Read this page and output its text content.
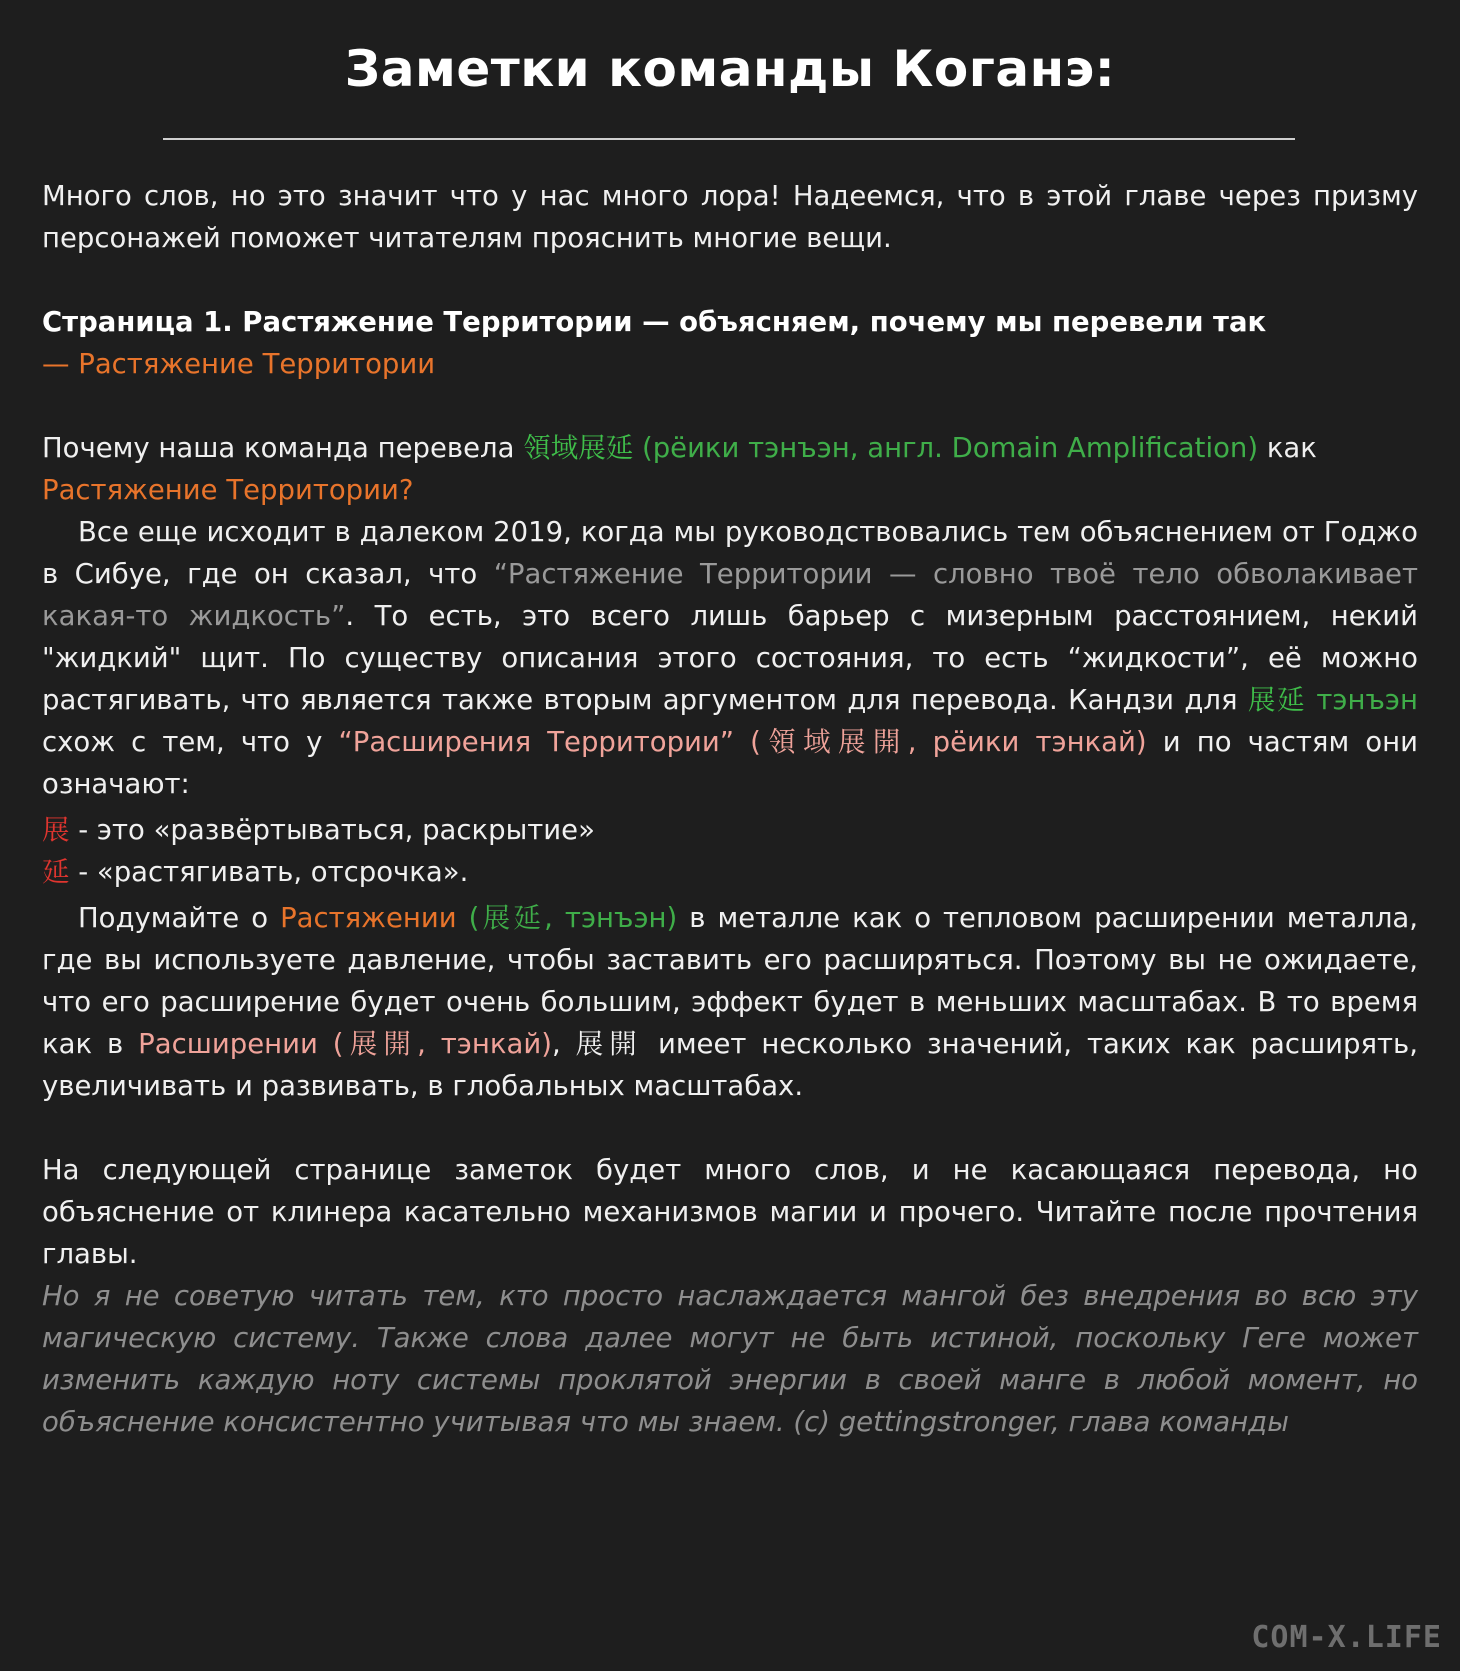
Заметки команды Коганэ:

Много слов, но это значит что у нас много лора! Надеемся, что в этой главе через призму персонажей поможет читателям прояснить многие вещи.

Страница 1. Растяжение Территории — объясняем, почему мы перевели так
— Растяжение Территории

Почему наша команда перевела 領域展延 (рёики тэнъэн, англ. Domain Amplification) как
Растяжение Территории?

Все еще исходит в далеком 2019, когда мы руководствовались тем объяснением от Годжо в Сибуе, где он сказал, что “Растяжение Территории — словно твоё тело обволакивает какая-то жидкость”. То есть, это всего лишь барьер с мизерным расстоянием, некий "жидкий" щит. По существу описания этого состояния, то есть “жидкости”, её можно растягивать, что является также вторым аргументом для перевода. Кандзи для 展延 тэнъэн схож с тем, что у “Расширения Территории” (領域展開, рёики тэнкай) и по частям они означают:

展 - это «развёртываться, раскрытие»

延 - «растягивать, отсрочка».

Подумайте о Растяжении (展延, тэнъэн) в металле как о тепловом расширении металла, где вы используете давление, чтобы заставить его расширяться. Поэтому вы не ожидаете, что его расширение будет очень большим, эффект будет в меньших масштабах. В то время как в Расширении (展開, тэнкай), 展開 имеет несколько значений, таких как расширять, увеличивать и развивать, в глобальных масштабах.

На следующей странице заметок будет много слов, и не касающаяся перевода, но объяснение от клинера касательно механизмов магии и прочего. Читайте после прочтения главы.

Но я не советую читать тем, кто просто наслаждается мангой без внедрения во всю эту магическую систему. Также слова далее могут не быть истиной, поскольку Геге может изменить каждую ноту системы проклятой энергии в своей манге в любой момент, но объяснение консистентно учитывая что мы знаем. (с) gettingstronger, глава команды

COM-X.LIFE
